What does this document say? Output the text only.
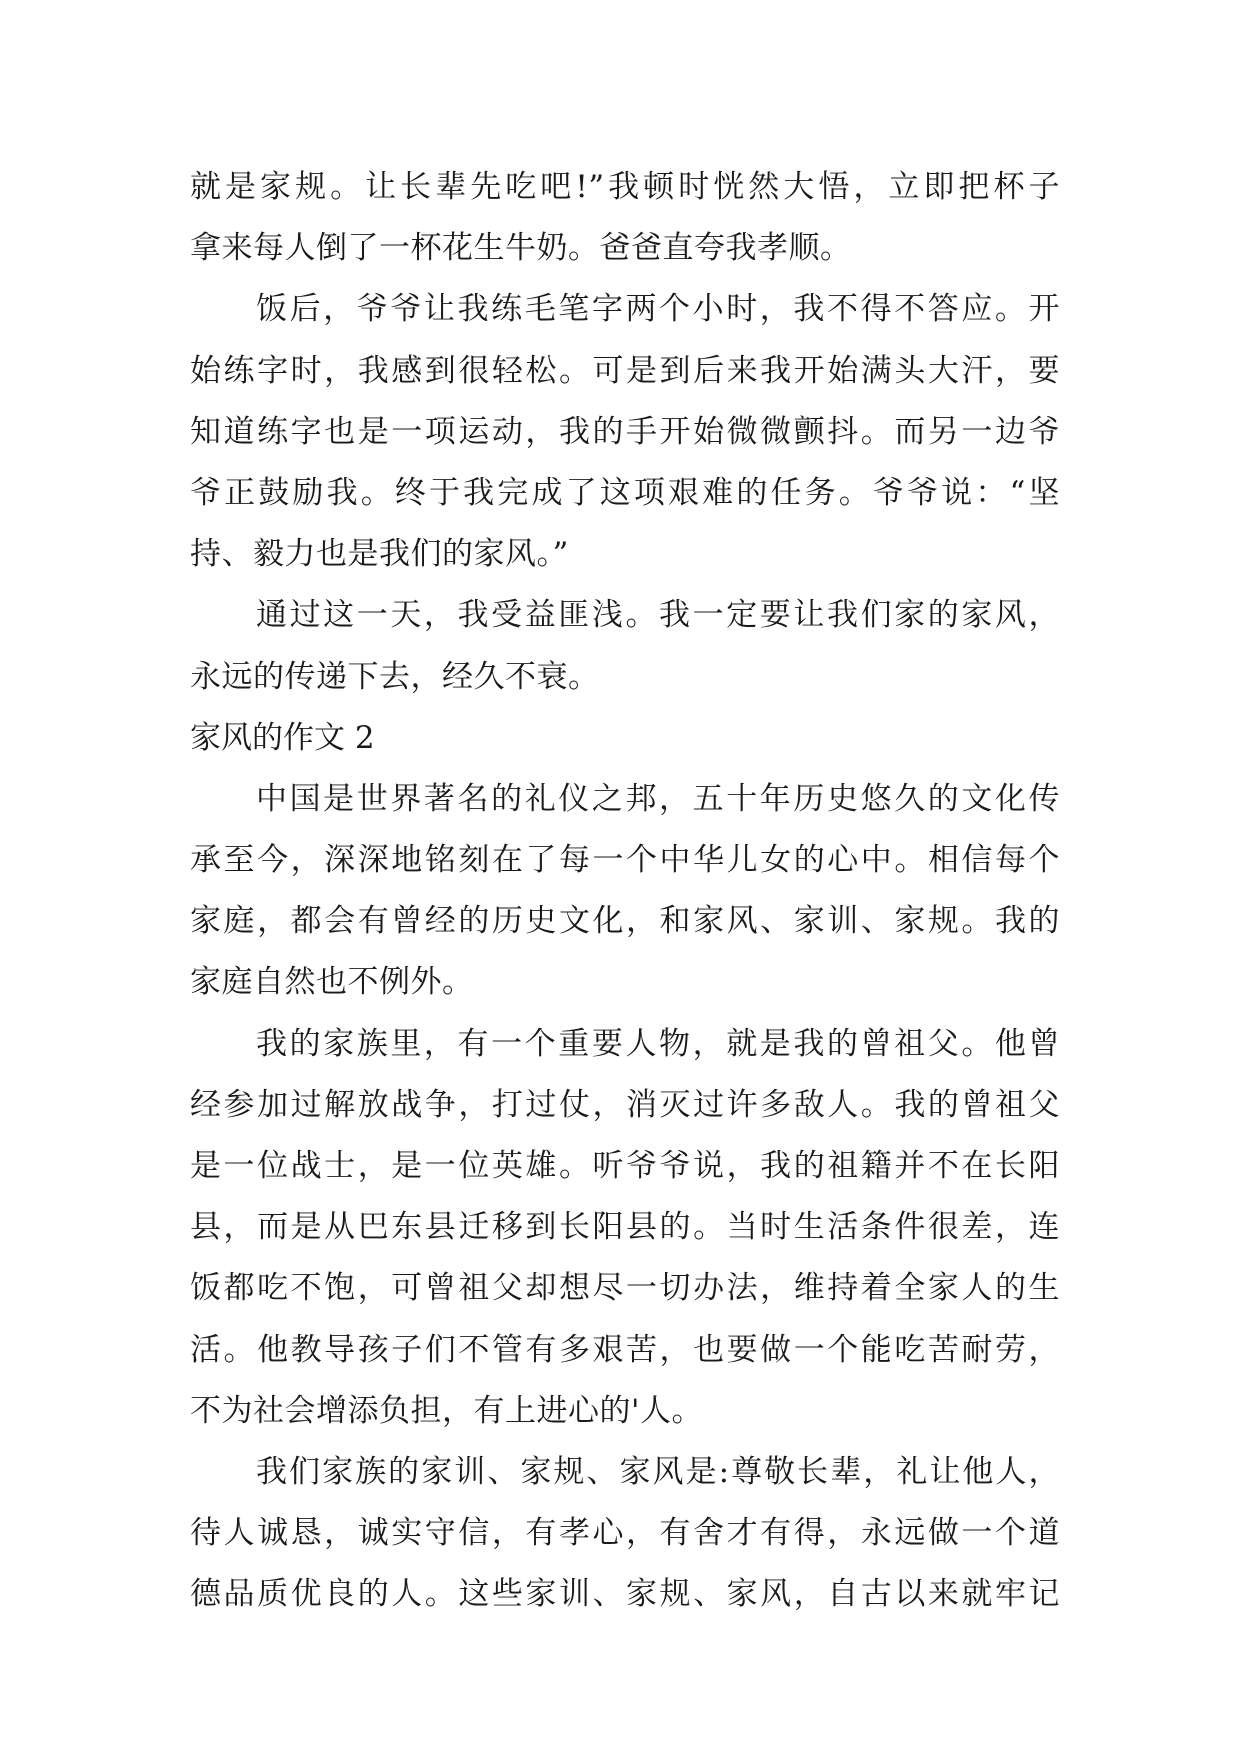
就是家规。让长辈先吃吧!”我顿时恍然大悟，立即把杯子
拿来每人倒了一杯花生牛奶。爸爸直夸我孝顺。
饭后，爷爷让我练毛笔字两个小时，我不得不答应。开
始练字时，我感到很轻松。可是到后来我开始满头大汗，要
知道练字也是一项运动，我的手开始微微颤抖。而另一边爷
爷正鼓励我。终于我完成了这项艰难的任务。爷爷说：“坚
持、毅力也是我们的家风。”
通过这一天，我受益匪浅。我一定要让我们家的家风，
永远的传递下去，经久不衰。
家风的作文 2
中国是世界著名的礼仪之邦，五十年历史悠久的文化传
承至今，深深地铭刻在了每一个中华儿女的心中。相信每个
家庭，都会有曾经的历史文化，和家风、家训、家规。我的
家庭自然也不例外。
我的家族里，有一个重要人物，就是我的曾祖父。他曾
经参加过解放战争，打过仗，消灭过许多敌人。我的曾祖父
是一位战士，是一位英雄。听爷爷说，我的祖籍并不在长阳
县，而是从巴东县迁移到长阳县的。当时生活条件很差，连
饭都吃不饱，可曾祖父却想尽一切办法，维持着全家人的生
活。他教导孩子们不管有多艰苦，也要做一个能吃苦耐劳，
不为社会增添负担，有上进心的'人。
我们家族的家训、家规、家风是:尊敬长辈，礼让他人，
待人诚恳，诚实守信，有孝心，有舍才有得，永远做一个道
德品质优良的人。这些家训、家规、家风，自古以来就牢记
